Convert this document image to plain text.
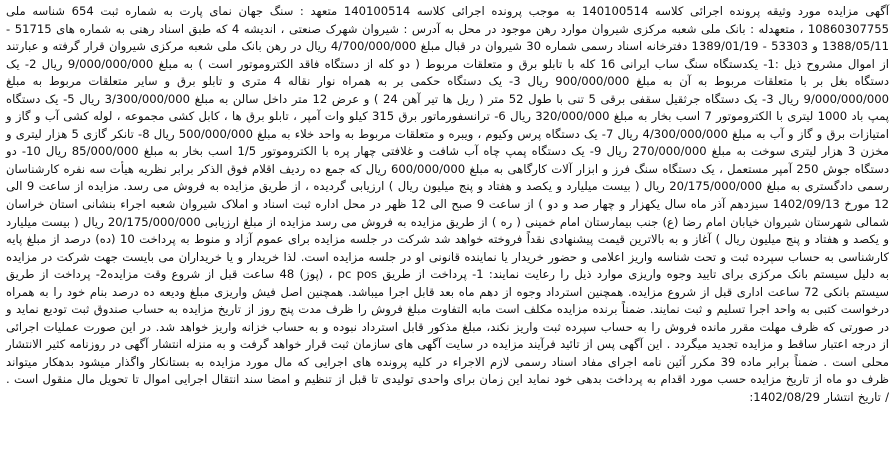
آگهی مزایده مورد وثیقه پرونده اجرائی کلاسه 140100514 به موجب پرونده اجرائی کلاسه 140100514 متعهد : سنگ جهان نمای پارت به شماره ثبت 654 شناسه ملی 10860307755 ، متعهدله : بانک ملی شعبه مرکزی شیروان موارد رهن موجود در محل به آدرس : شیروان شهرک صنعتی ، اندیشه 4 که طبق اسناد رهنی به شماره های 51715 - 1388/05/11 و 53303 - 1389/01/19 دفترخانه اسناد رسمی شماره 30 شیروان در قبال مبلغ 4/700/000/000 ریال در رهن بانک ملی شعبه مرکزی شیروان قرار گرفته و عبارتند از اموال مشروح ذیل :1- یکدستگاه سنگ ساب ایرانی 16 کله با تابلو برق و متعلقات مربوط ( دو کله از دستگاه فاقد الکتروموتور است ) به مبلغ 9/000/000/000 ریال 2- یک دستگاه بغل بر با متعلقات مربوط به آن به مبلغ 900/000/000 ریال 3- یک دستگاه حکمی بر به همراه نوار نقاله 4 متری و تابلو برق و سایر متعلقات مربوط به مبلغ 9/000/000/000 ریال 3- یک دستگاه جرثقیل سقفی برقی 5 تنی با طول 52 متر ( ریل ها تیر آهن 24 ) و عرض 12 متر داخل سالن به مبلغ 3/300/000/000 ریال 5- یک دستگاه پمپ باد 1000 لیتری با الکتروموتور 7 اسب بخار به مبلغ 320/000/000 ریال 6- ترانسفورماتور برق 315 کیلو وات آمپر ، تابلو برق ها ، کابل کشی مجموعه ، لوله کشی آب و گاز و امتیازات برق و گاز و آب به مبلغ 4/300/000/000 ریال 7- یک دستگاه پرس وکیوم ، ویبره و متعلقات مربوط به واحد خلاء به مبلغ 500/000/000 ریال 8- تانکر گازی 5 هزار لیتری و مخزن 3 هزار لیتری سوخت به مبلغ 270/000/000 ریال 9- یک دستگاه پمپ چاه آب شافت و غلافتی چهار پره با الکتروموتور 1/5 اسب بخار به مبلغ 85/000/000 ریال 10- دو دستگاه جوش 250 آمپر مستعمل ، یک دستگاه سنگ فرز و ابزار آلات کارگاهی به مبلغ 600/000/000 ریال که جمع ده ردیف اقلام فوق الذکر برابر نظریه هیأت سه نفره کارشناسان رسمی دادگستری به مبلغ 20/175/000/000 ریال ( بیست میلیارد و یکصد و هفتاد و پنج میلیون ریال ) ارزیابی گردیده ، از طریق مزایده به فروش می رسد. مزایده از ساعت 9 الی 12 مورخ 1402/09/13 سیزدهم آذر ماه سال یکهزار و چهار صد و دو ) از ساعت 9 صبح الی 12 ظهر در محل اداره ثبت اسناد و املاک شیروان شعبه اجراء بنشانی استان خراسان شمالی شهرستان شیروان خیابان امام رضا (ع) جنب بیمارستان امام خمینی ( ره ) از طریق مزایده به فروش می رسد مزایده از مبلغ ارزیابی 20/175/000/000 ریال ( بیست میلیارد و یکصد و هفتاد و پنج میلیون ریال ) آغاز و به بالاترین قیمت پیشنهادی نقداً فروخته خواهد شد شرکت در جلسه مزایده برای عموم آزاد و منوط به پرداخت 10 (ده) درصد از مبلغ پایه کارشناسی به حساب سپرده ثبت و تحت شناسه واریز اعلامی و حضور خریدار یا نماینده قانونی او در جلسه مزایده است. لذا خریدار و یا خریداران می بایست جهت شرکت در مزایده به دلیل سیستم بانک مرکزی برای تایید وجوه واریزی موارد ذیل را رعایت نمایند: 1- پرداخت از طریق pc pos ، (پوز) 48 ساعت قبل از شروع وقت مزایده2- پرداخت از طریق سیستم بانکی 72 ساعت اداری قبل از شروع مزایده. همچنین استرداد وجوه از دهم ماه بعد قابل اجرا میباشد. همچنین اصل فیش واریزی مبلغ ودیعه ده درصد بنام خود را به همراه درخواست کتبی به واحد اجرا تسلیم و ثبت نمایند. ضمناً برنده مزایده مکلف است مابه التفاوت مبلغ فروش را ظرف مدت پنج روز از تاریخ مزایده به حساب صندوق ثبت تودیع نماید و در صورتی که ظرف مهلت مقرر مانده فروش را به حساب سپرده ثبت واریز نکند، مبلغ مذکور قابل استرداد نبوده و به حساب خزانه واریز خواهد شد. در این صورت عملیات اجرائی از درجه اعتبار ساقط و مزایده تجدید میگردد . این آگهی پس از تائید فرآیند مزایده در سایت آگهی های سازمان ثبت قرار خواهد گرفت و به منزله انتشار آگهی در روزنامه کثیر الانتشار محلی است . ضمناً برابر ماده 39 مکرر آئین نامه اجرای مفاد اسناد رسمی لازم الاجراء در کلیه پرونده های اجرایی که مال مورد مزایده به بستانکار واگذار میشود بدهکار میتواند ظرف دو ماه از تاریخ مزایده حسب مورد اقدام به پرداخت بدهی خود نماید این زمان برای واحدی تولیدی تا قبل از تنظیم و امضا سند انتقال اجرایی اموال تا تحویل مال منقول است . / تاریخ انتشار 1402/08/29:
